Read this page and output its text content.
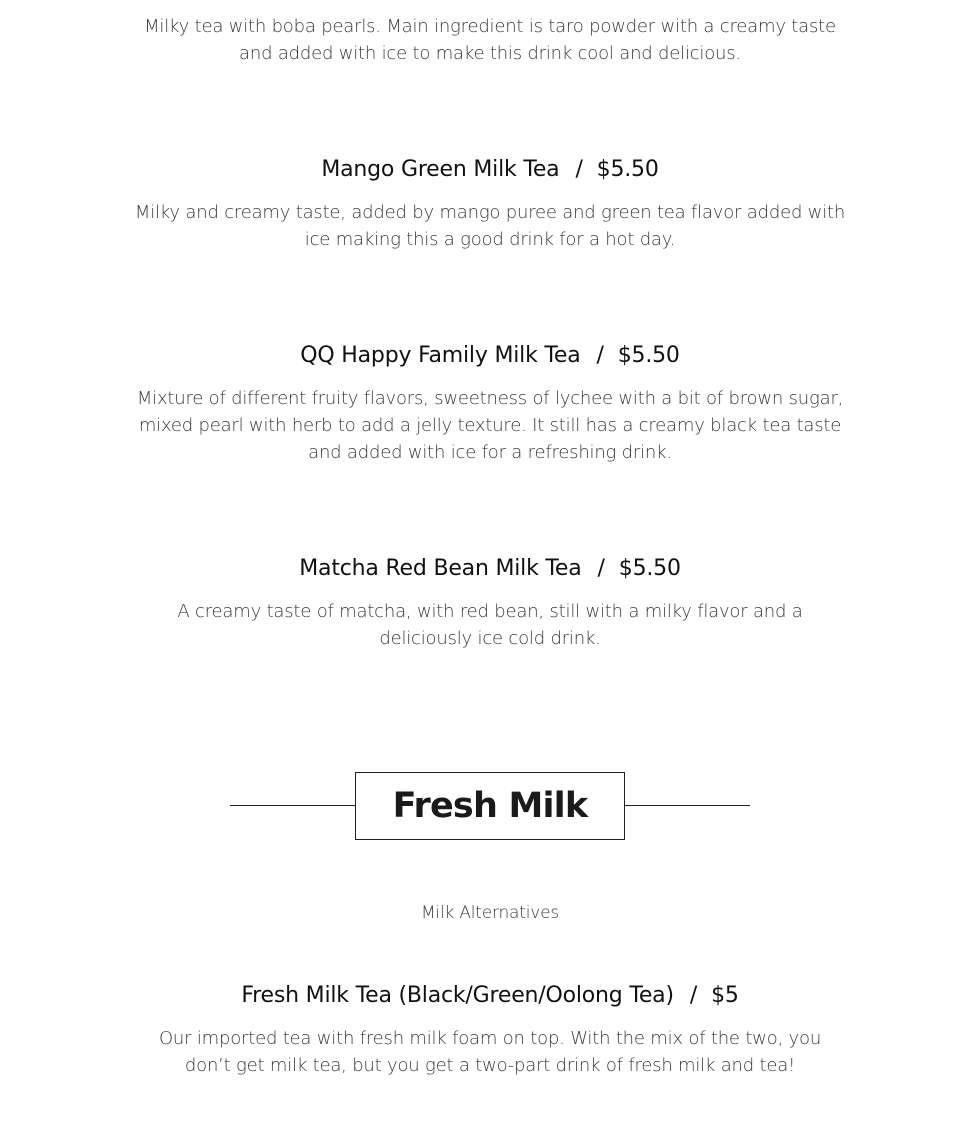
Milky tea with boba pearls. Main ingredient is taro powder with a creamy taste and added with ice to make this drink cool and delicious.

Mango Green Milk Tea / $5.50

Milky and creamy taste, added by mango puree and green tea flavor added with ice making this a good drink for a hot day.

QQ Happy Family Milk Tea / $5.50

Mixture of different fruity flavors, sweetness of lychee with a bit of brown sugar, mixed pearl with herb to add a jelly texture. It still has a creamy black tea taste and added with ice for a refreshing drink.

Matcha Red Bean Milk Tea / $5.50

A creamy taste of matcha, with red bean, still with a milky flavor and a deliciously ice cold drink.

Fresh Milk
Milk Alternatives
Fresh Milk Tea (Black/Green/Oolong Tea) / $5

Our imported tea with fresh milk foam on top. With the mix of the two, you don’t get milk tea, but you get a two-part drink of fresh milk and tea!
